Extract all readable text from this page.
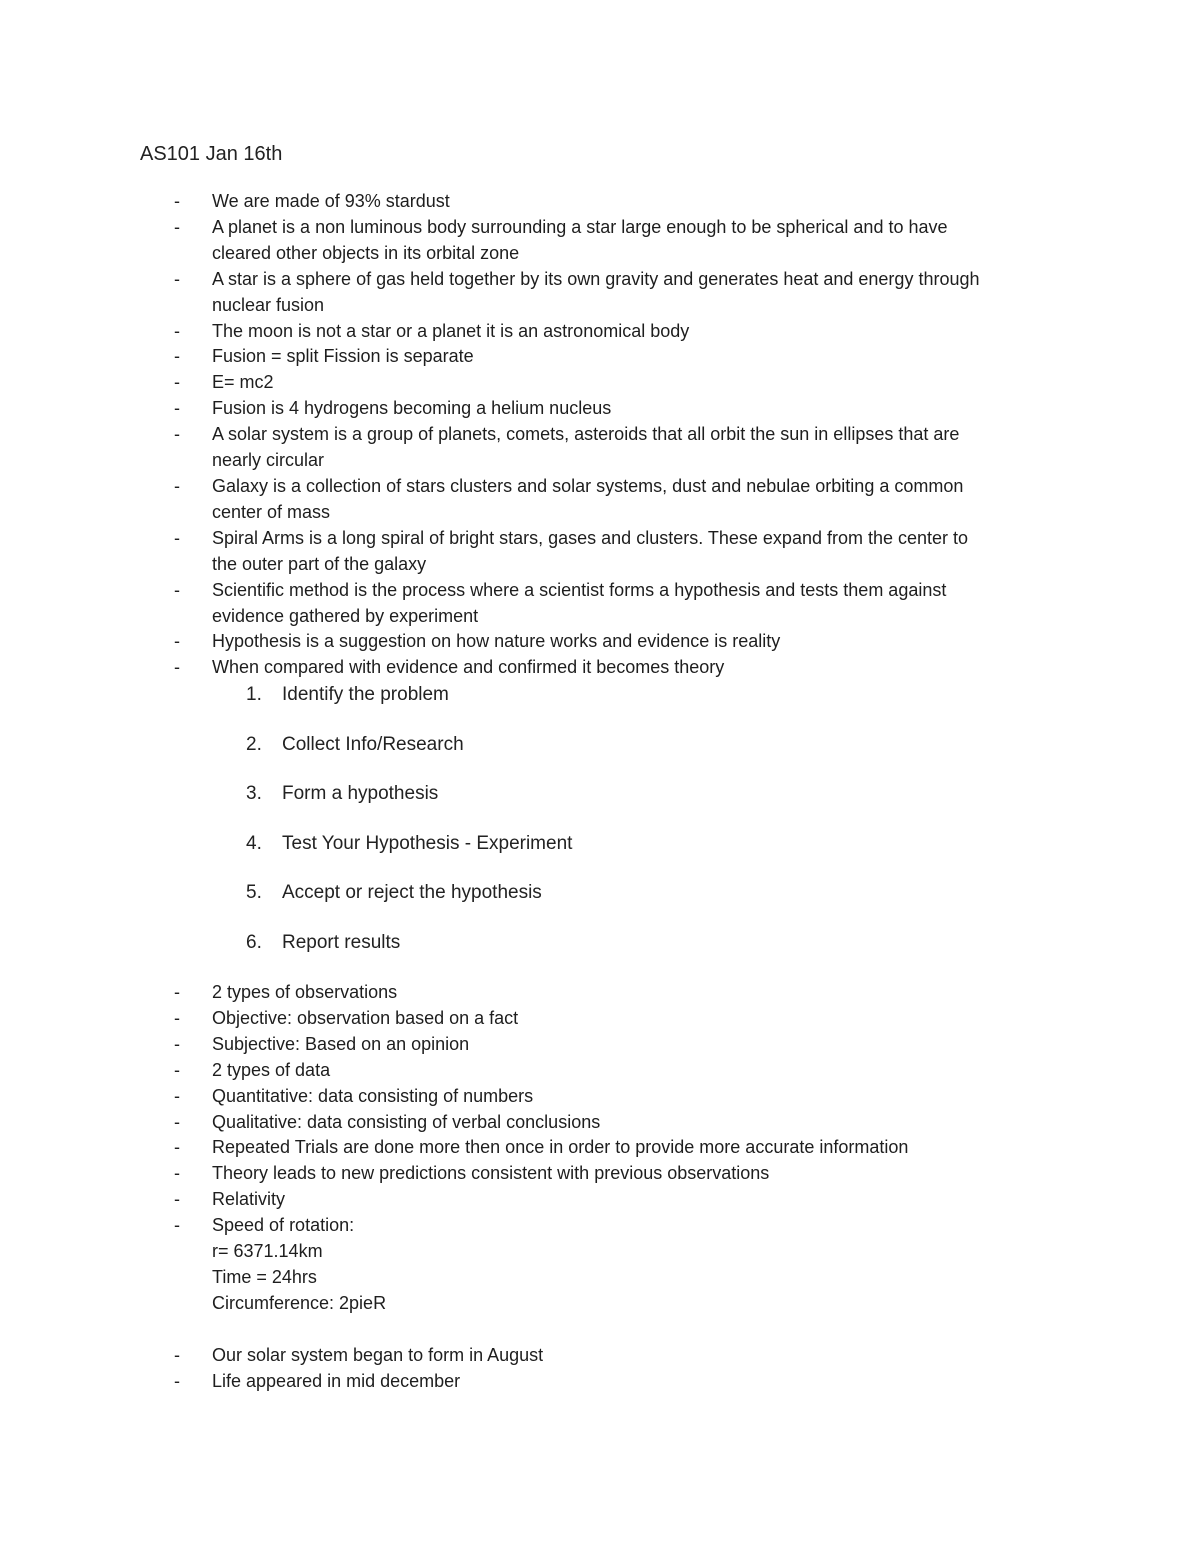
AS101 Jan 16th
-	We are made of 93% stardust
-	A planet is a non luminous body surrounding a star large enough to be spherical and to have
cleared other objects in its orbital zone
-	A star is a sphere of gas held together by its own gravity and generates heat and energy through
nuclear fusion
-	The moon is not a star or a planet it is an astronomical body
-	Fusion = split Fission is separate
-	E= mc2
-	Fusion is 4 hydrogens becoming a helium nucleus
-	A solar system is a group of planets, comets, asteroids that all orbit the sun in ellipses that are
nearly circular
-	Galaxy is a collection of stars clusters and solar systems, dust and nebulae orbiting a common
center of mass
-	Spiral Arms is a long spiral of bright stars, gases and clusters. These expand from the center to
the outer part of the galaxy
-	Scientific method is the process where a scientist forms a hypothesis and tests them against
evidence gathered by experiment
-	Hypothesis is a suggestion on how nature works and evidence is reality
-	When compared with evidence and confirmed it becomes theory
1.	Identify the problem
2.	Collect Info/Research
3.	Form a hypothesis
4.	Test Your Hypothesis - Experiment
5.	Accept or reject the hypothesis
6.	Report results
-	2 types of observations
-	Objective: observation based on a fact
-	Subjective: Based on an opinion
-	2 types of data
-	Quantitative: data consisting of numbers
-	Qualitative: data consisting of verbal conclusions
-	Repeated Trials are done more then once in order to provide more accurate information
-	Theory leads to new predictions consistent with previous observations
-	Relativity
-	Speed of rotation:
r= 6371.14km
Time = 24hrs
Circumference: 2pieR
-	Our solar system began to form in August
-	Life appeared in mid december
